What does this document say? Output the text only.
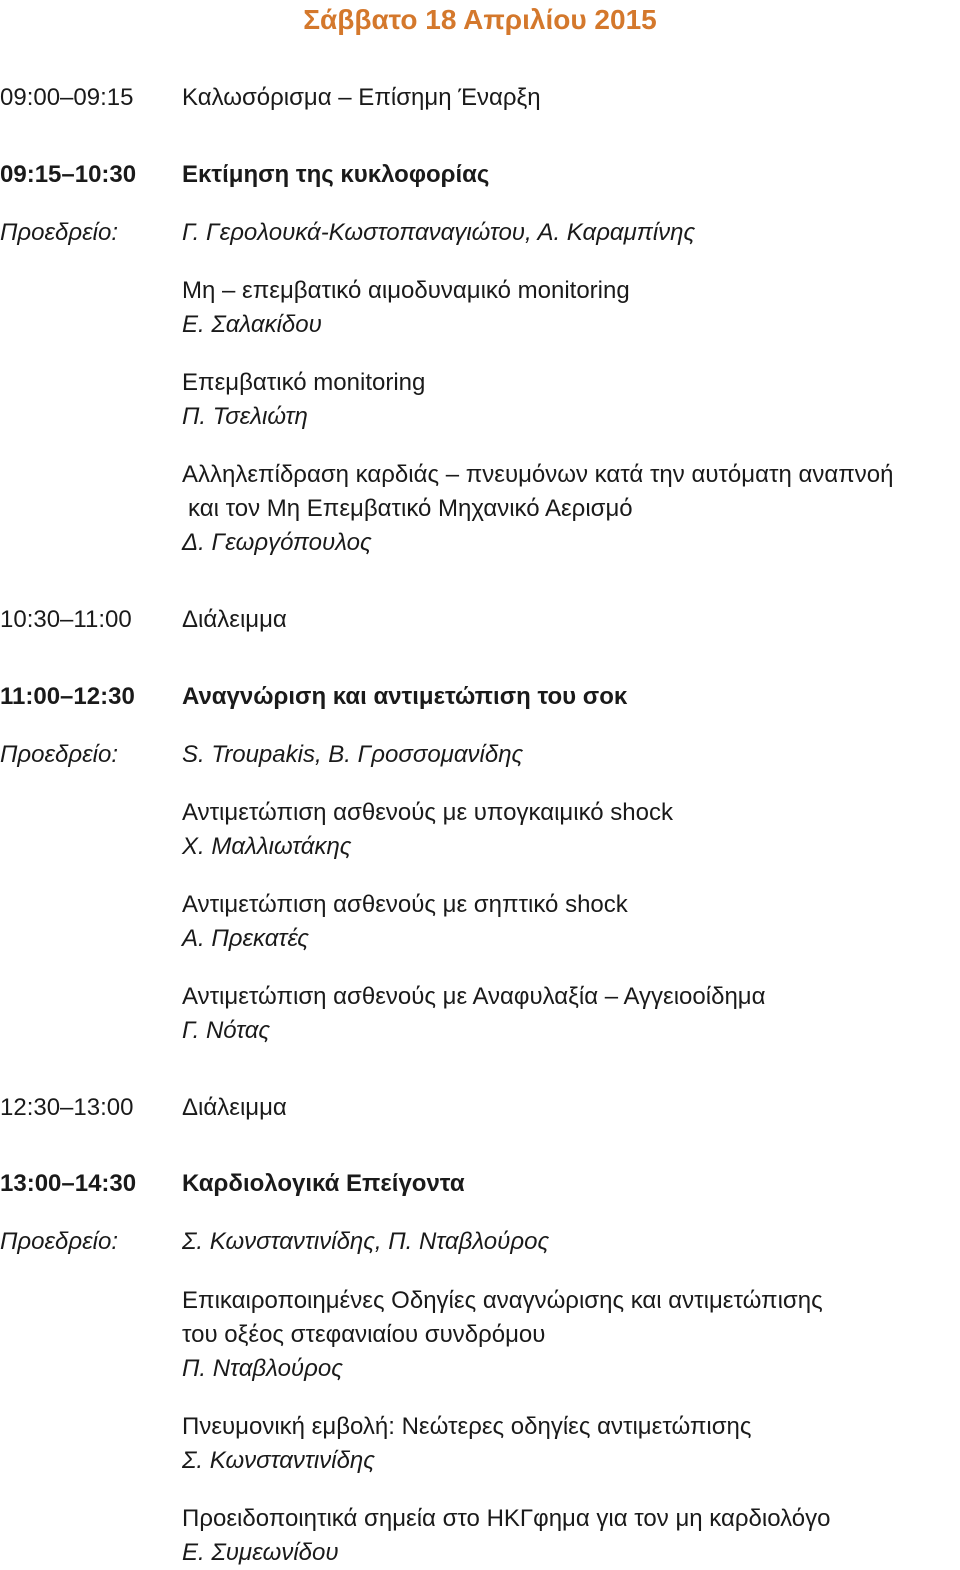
Σάββατο 18 Απριλίου 2015
09:00–09:15 Καλωσόρισμα – Επίσημη Έναρξη
09:15–10:30 Εκτίμηση της κυκλοφορίας
Προεδρείο:	Γ. Γερολουκά-Κωστοπαναγιώτου, Α. Καραμπίνης
Μη – επεμβατικό αιμοδυναμικό monitoring
Ε. Σαλακίδου
Επεμβατικό monitoring
Π. Τσελιώτη
Αλληλεπίδραση καρδιάς – πνευμόνων κατά την αυτόματη αναπνοή
και τον Μη Επεμβατικό Μηχανικό Αερισμό
Δ. Γεωργόπουλος
10:30–11:00 Διάλειμμα
11:00–12:30 Αναγνώριση και αντιμετώπιση του σοκ
Προεδρείο:	S. Troupakis, Β. Γροσσομανίδης
Αντιμετώπιση ασθενούς με υπογκαιμικό shock
Χ. Μαλλιωτάκης
Αντιμετώπιση ασθενούς με σηπτικό shock
Α. Πρεκατές
Αντιμετώπιση ασθενούς με Αναφυλαξία – Αγγειοοίδημα
Γ. Νότας
12:30–13:00 Διάλειμμα
13:00–14:30 Καρδιολογικά Επείγοντα
Προεδρείο:	Σ. Κωνσταντινίδης, Π. Νταβλούρος
Επικαιροποιημένες Οδηγίες αναγνώρισης και αντιμετώπισης
του οξέος στεφανιαίου συνδρόμου
Π. Νταβλούρος
Πνευμονική εμβολή: Νεώτερες οδηγίες αντιμετώπισης
Σ. Κωνσταντινίδης
Προειδοποιητικά σημεία στο ΗΚΓφημα για τον μη καρδιολόγο
Ε. Συμεωνίδου
